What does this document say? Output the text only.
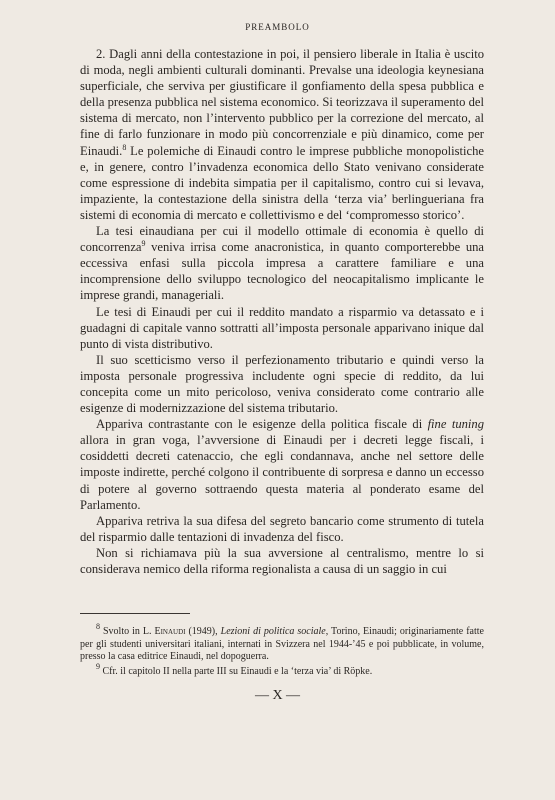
PREAMBOLO

2. Dagli anni della contestazione in poi, il pensiero liberale in Italia è uscito di moda, negli ambienti culturali dominanti. Prevalse una ideologia keynesiana superficiale, che serviva per giustificare il gonfiamento della spesa pubblica e della presenza pubblica nel sistema economico. Si teorizzava il superamento del sistema di mercato, non l’intervento pubblico per la correzione del mercato, al fine di farlo funzionare in modo più concorrenziale e più dinamico, come per Einaudi.$^8$ Le polemiche di Einaudi contro le imprese pubbliche monopolistiche e, in genere, contro l’invadenza economica dello Stato venivano considerate come espressione di indebita simpatia per il capitalismo, contro cui si levava, impaziente, la contestazione della sinistra della ‘terza via’ berlingueriana fra sistemi di economia di mercato e collettivismo e del ‘compromesso storico’.

La tesi einaudiana per cui il modello ottimale di economia è quello di concorrenza$^9$ veniva irrisa come anacronistica, in quanto comporterebbe una eccessiva enfasi sulla piccola impresa a carattere familiare e una incomprensione dello sviluppo tecnologico del neocapitalismo implicante le imprese grandi, manageriali.

Le tesi di Einaudi per cui il reddito mandato a risparmio va detassato e i guadagni di capitale vanno sottratti all’imposta personale apparivano inique dal punto di vista distributivo.

Il suo scetticismo verso il perfezionamento tributario e quindi verso la imposta personale progressiva includente ogni specie di reddito, da lui concepita come un mito pericoloso, veniva considerato come contrario alle esigenze di modernizzazione del sistema tributario.

Appariva contrastante con le esigenze della politica fiscale di fine tuning allora in gran voga, l’avversione di Einaudi per i decreti legge fiscali, i cosiddetti decreti catenaccio, che egli condannava, anche nel settore delle imposte indirette, perché colgono il contribuente di sorpresa e danno un eccesso di potere al governo sottraendo questa materia al ponderato esame del Parlamento.

Appariva retriva la sua difesa del segreto bancario come strumento di tutela del risparmio dalle tentazioni di invadenza del fisco.

Non si richiamava più la sua avversione al centralismo, mentre lo si considerava nemico della riforma regionalista a causa di un saggio in cui

$^8$ Svolto in L. Einaudi (1949), Lezioni di politica sociale, Torino, Einaudi; originariamente fatte per gli studenti universitari italiani, internati in Svizzera nel 1944-’45 e poi pubblicate, in volume, presso la casa editrice Einaudi, nel dopoguerra.

$^9$ Cfr. il capitolo II nella parte III su Einaudi e la ‘terza via’ di Röpke.

— X —
